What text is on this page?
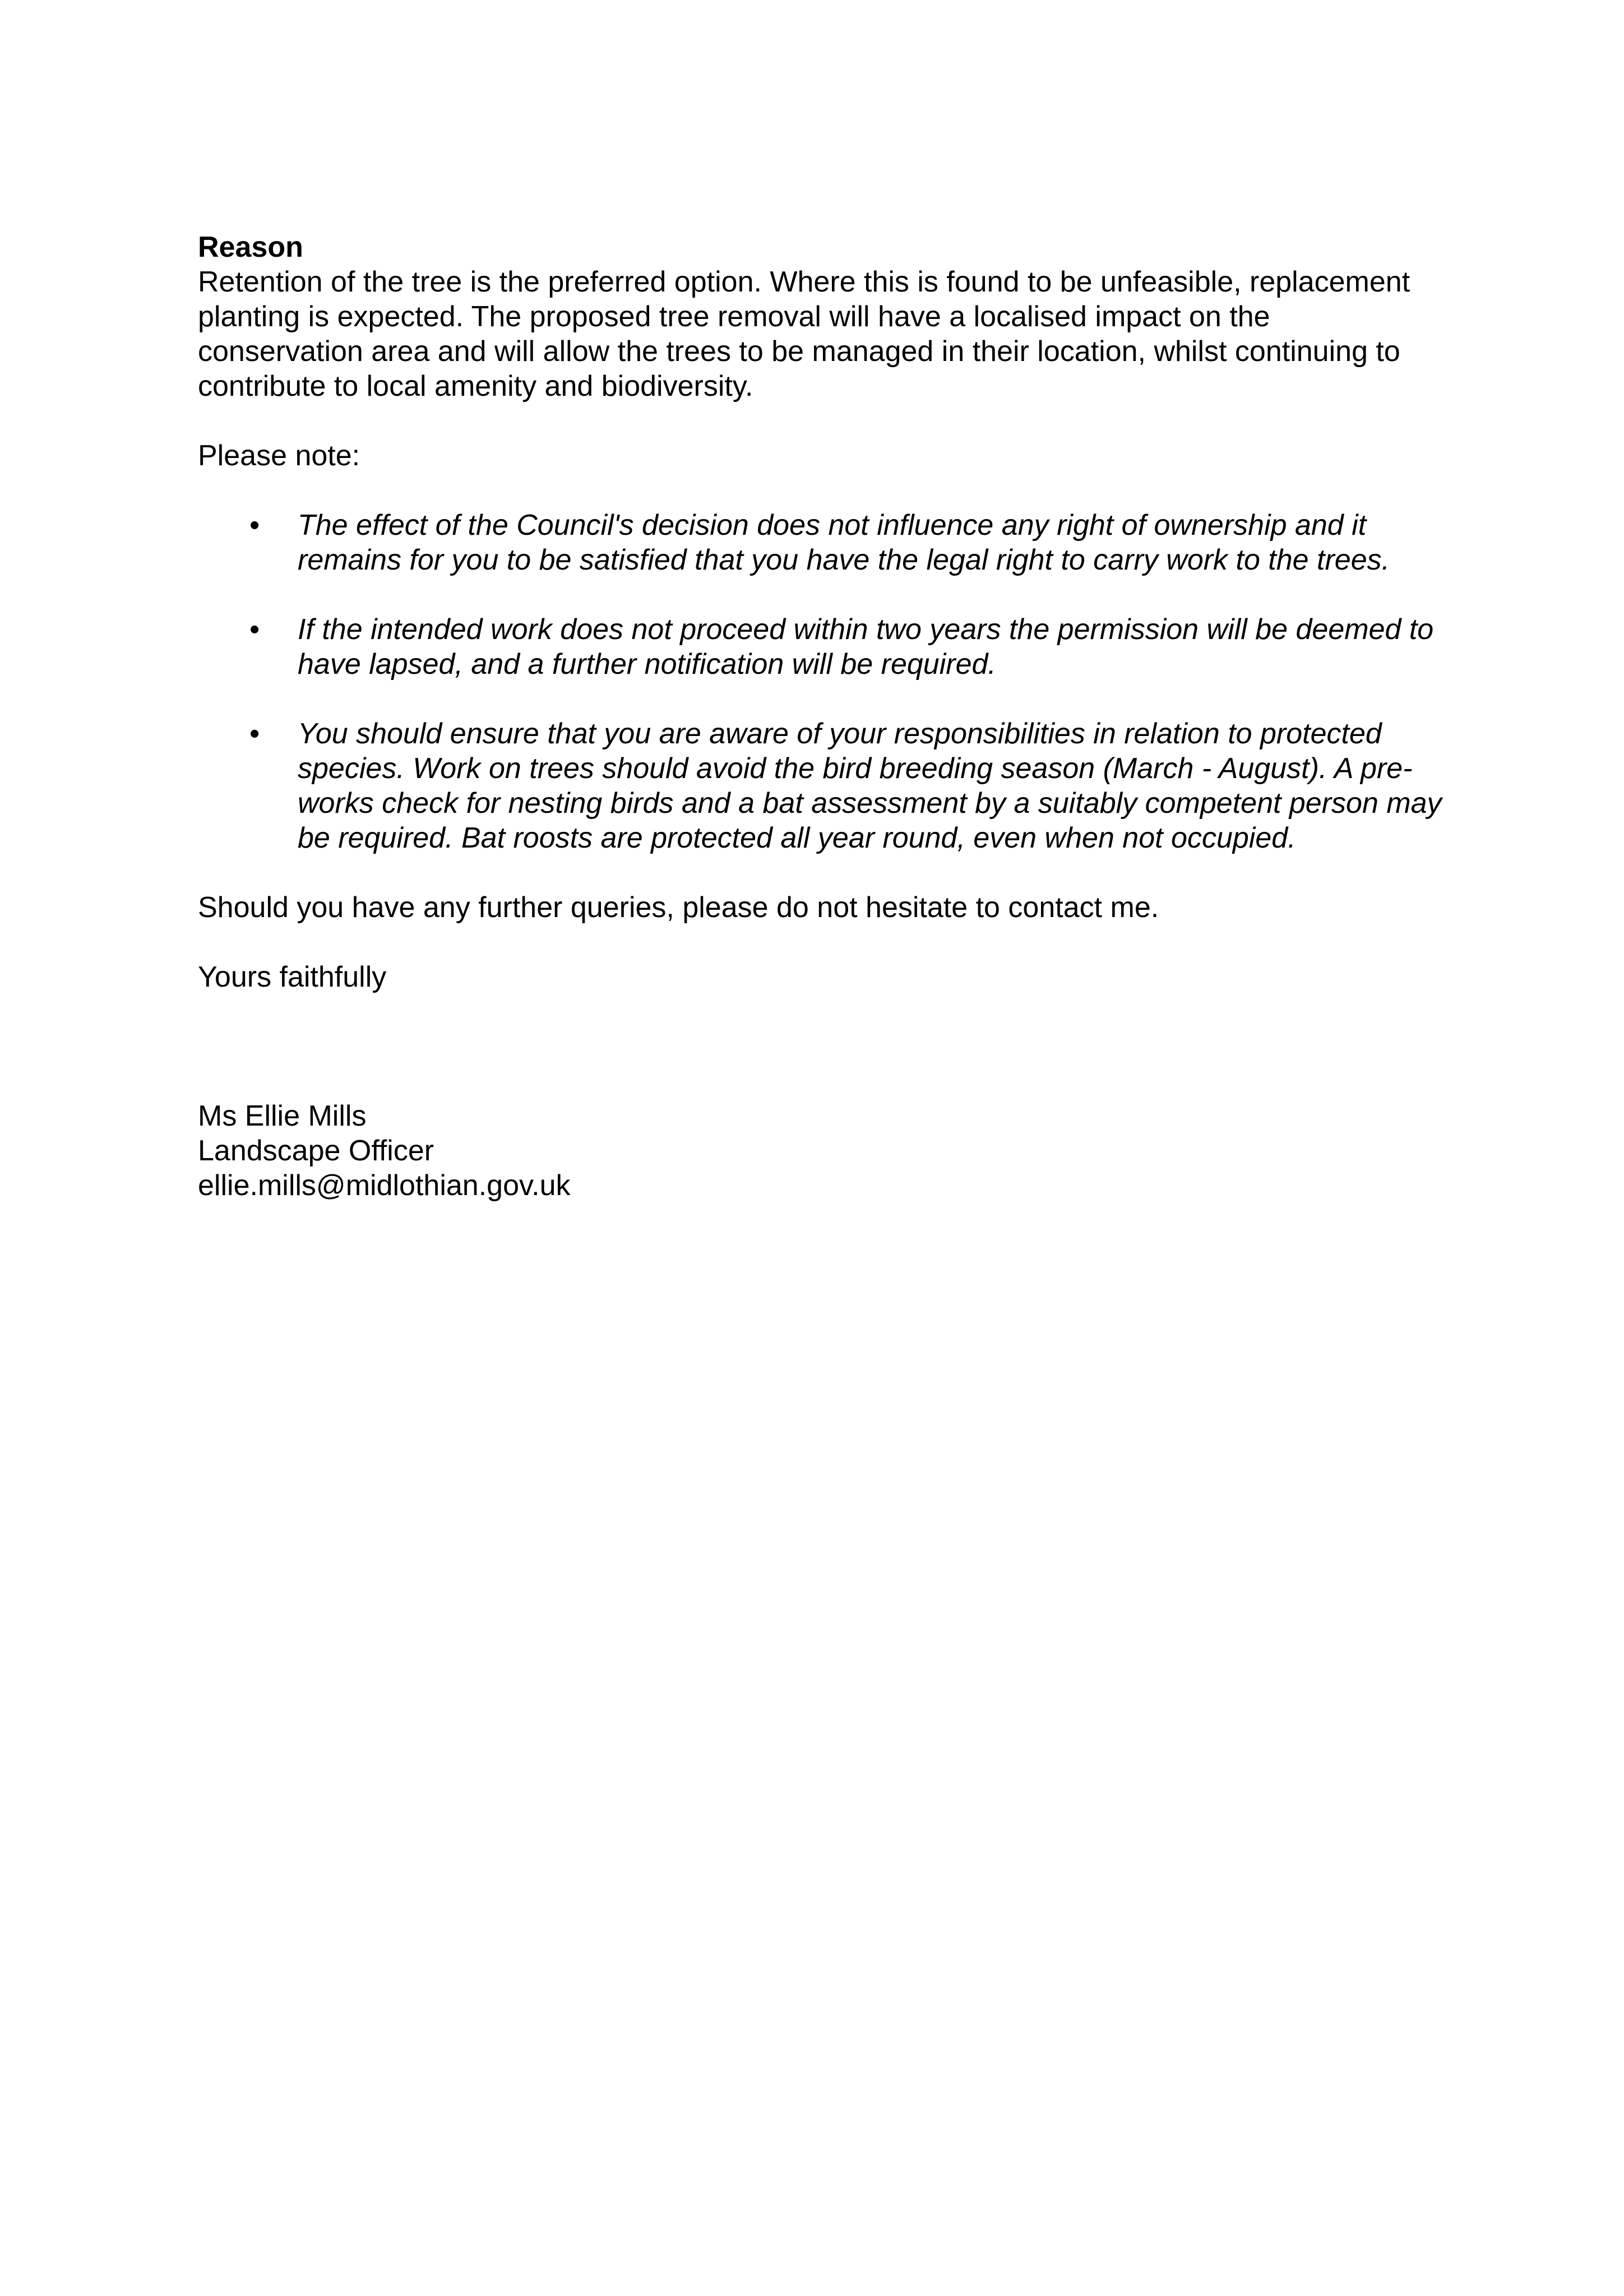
Reason

Retention of the tree is the preferred option. Where this is found to be unfeasible, replacement planting is expected. The proposed tree removal will have a localised impact on the conservation area and will allow the trees to be managed in their location, whilst continuing to contribute to local amenity and biodiversity.

Please note:

• The effect of the Council's decision does not influence any right of ownership and it remains for you to be satisfied that you have the legal right to carry work to the trees.
• If the intended work does not proceed within two years the permission will be deemed to have lapsed, and a further notification will be required.
• You should ensure that you are aware of your responsibilities in relation to protected species. Work on trees should avoid the bird breeding season (March - August). A pre-works check for nesting birds and a bat assessment by a suitably competent person may be required. Bat roosts are protected all year round, even when not occupied.

Should you have any further queries, please do not hesitate to contact me.

Yours faithfully

Ms Ellie Mills

Landscape Officer

ellie.mills@midlothian.gov.uk
